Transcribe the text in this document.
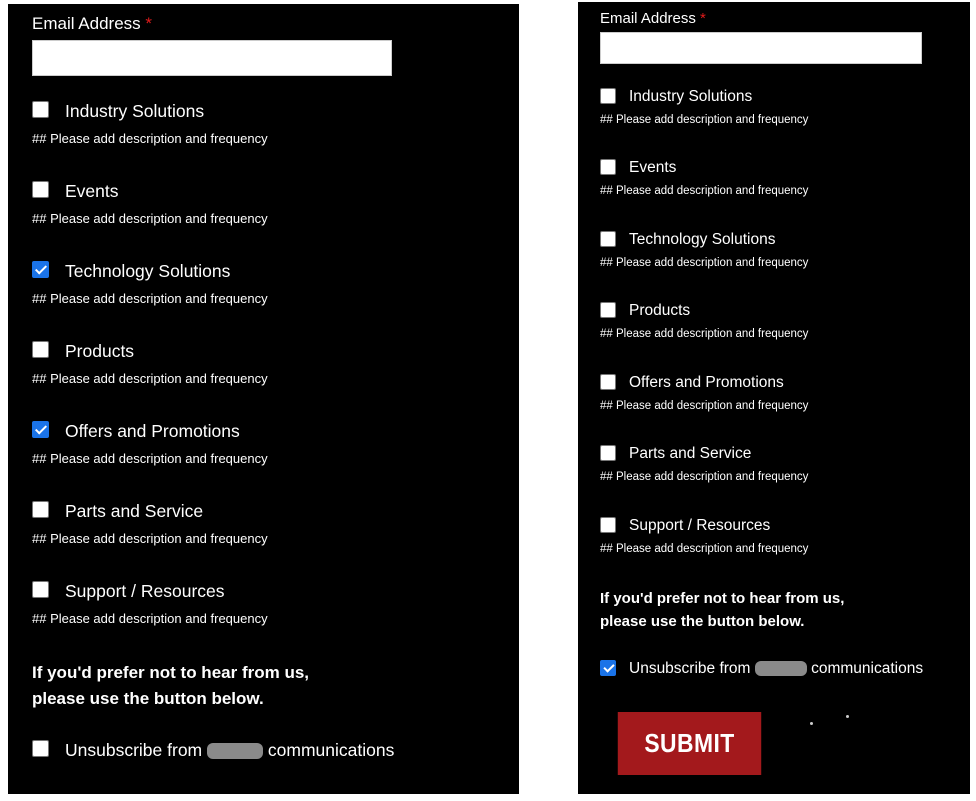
Email Address *
Industry Solutions
## Please add description and frequency
Events
## Please add description and frequency
Technology Solutions
## Please add description and frequency
Products
## Please add description and frequency
Offers and Promotions
## Please add description and frequency
Parts and Service
## Please add description and frequency
Support / Resources
## Please add description and frequency
If you'd prefer not to hear from us,
please use the button below.
Unsubscribe from	communications
Email Address *
Industry Solutions
## Please add description and frequency
Events
## Please add description and frequency
Technology Solutions
## Please add description and frequency
Products
## Please add description and frequency
Offers and Promotions
## Please add description and frequency
Parts and Service
## Please add description and frequency
Support / Resources
## Please add description and frequency
If you'd prefer not to hear from us,
please use the button below.
Unsubscribe from	communications
SUBMIT
